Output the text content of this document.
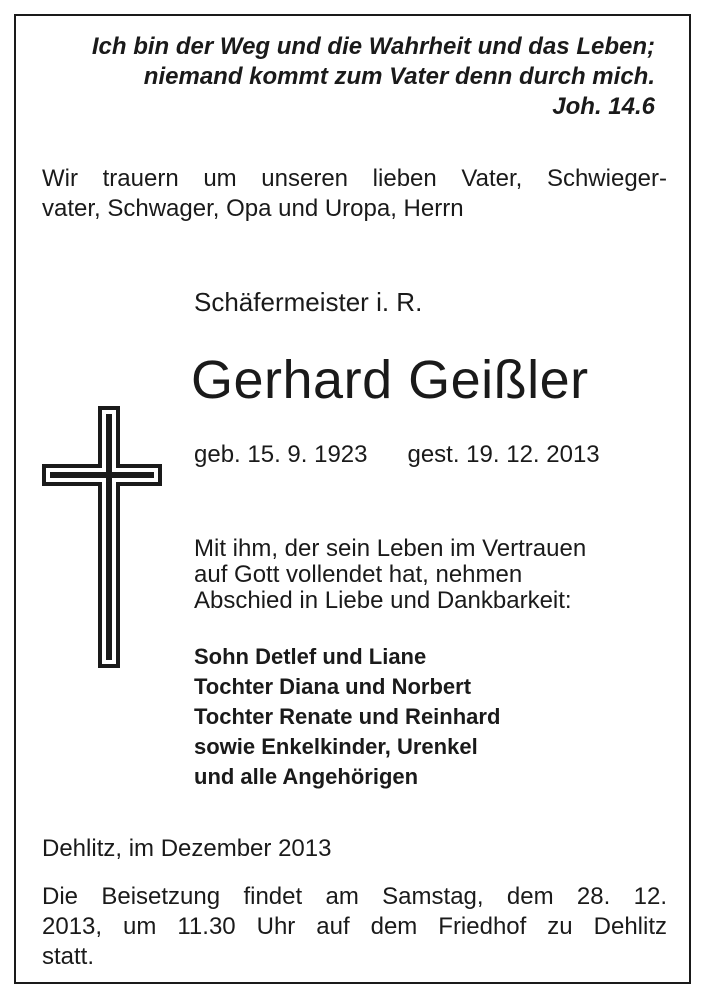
Ich bin der Weg und die Wahrheit und das Leben;
niemand kommt zum Vater denn durch mich.
Joh. 14.6
Wir trauern um unseren lieben Vater, Schwieger-
vater, Schwager, Opa und Uropa, Herrn
Schäfermeister i. R.
Gerhard Geißler
geb. 15. 9. 1923 gest. 19. 12. 2013
Mit ihm, der sein Leben im Vertrauen
auf Gott vollendet hat, nehmen
Abschied in Liebe und Dankbarkeit:
Sohn Detlef und Liane
Tochter Diana und Norbert
Tochter Renate und Reinhard
sowie Enkelkinder, Urenkel
und alle Angehörigen
Dehlitz, im Dezember 2013
Die Beisetzung findet am Samstag, dem 28. 12.
2013, um 11.30 Uhr auf dem Friedhof zu Dehlitz
statt.
